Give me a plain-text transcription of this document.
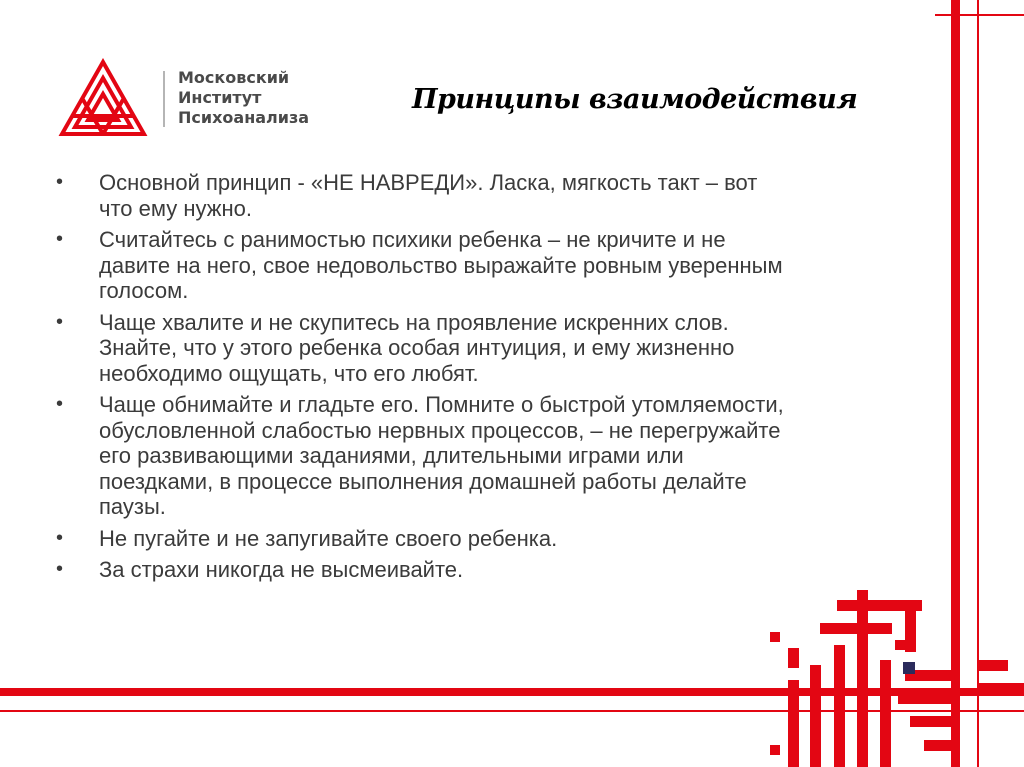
Московский
Институт
Психоанализа
Принципы взаимодействия
• Основной принцип - «НЕ НАВРЕДИ». Ласка, мягкость такт – вот что ему нужно.
• Считайтесь с ранимостью психики ребенка – не кричите и не давите на него, свое недовольство выражайте ровным уверенным голосом.
• Чаще хвалите и не скупитесь на проявление искренних слов. Знайте, что у этого ребенка особая интуиция, и ему жизненно необходимо ощущать, что его любят.
• Чаще обнимайте и гладьте его. Помните о быстрой утомляемости, обусловленной слабостью нервных процессов, – не перегружайте его развивающими заданиями, длительными играми или поездками, в процессе выполнения домашней работы делайте паузы.
• Не пугайте и не запугивайте своего ребенка.
• За страхи никогда не высмеивайте.
